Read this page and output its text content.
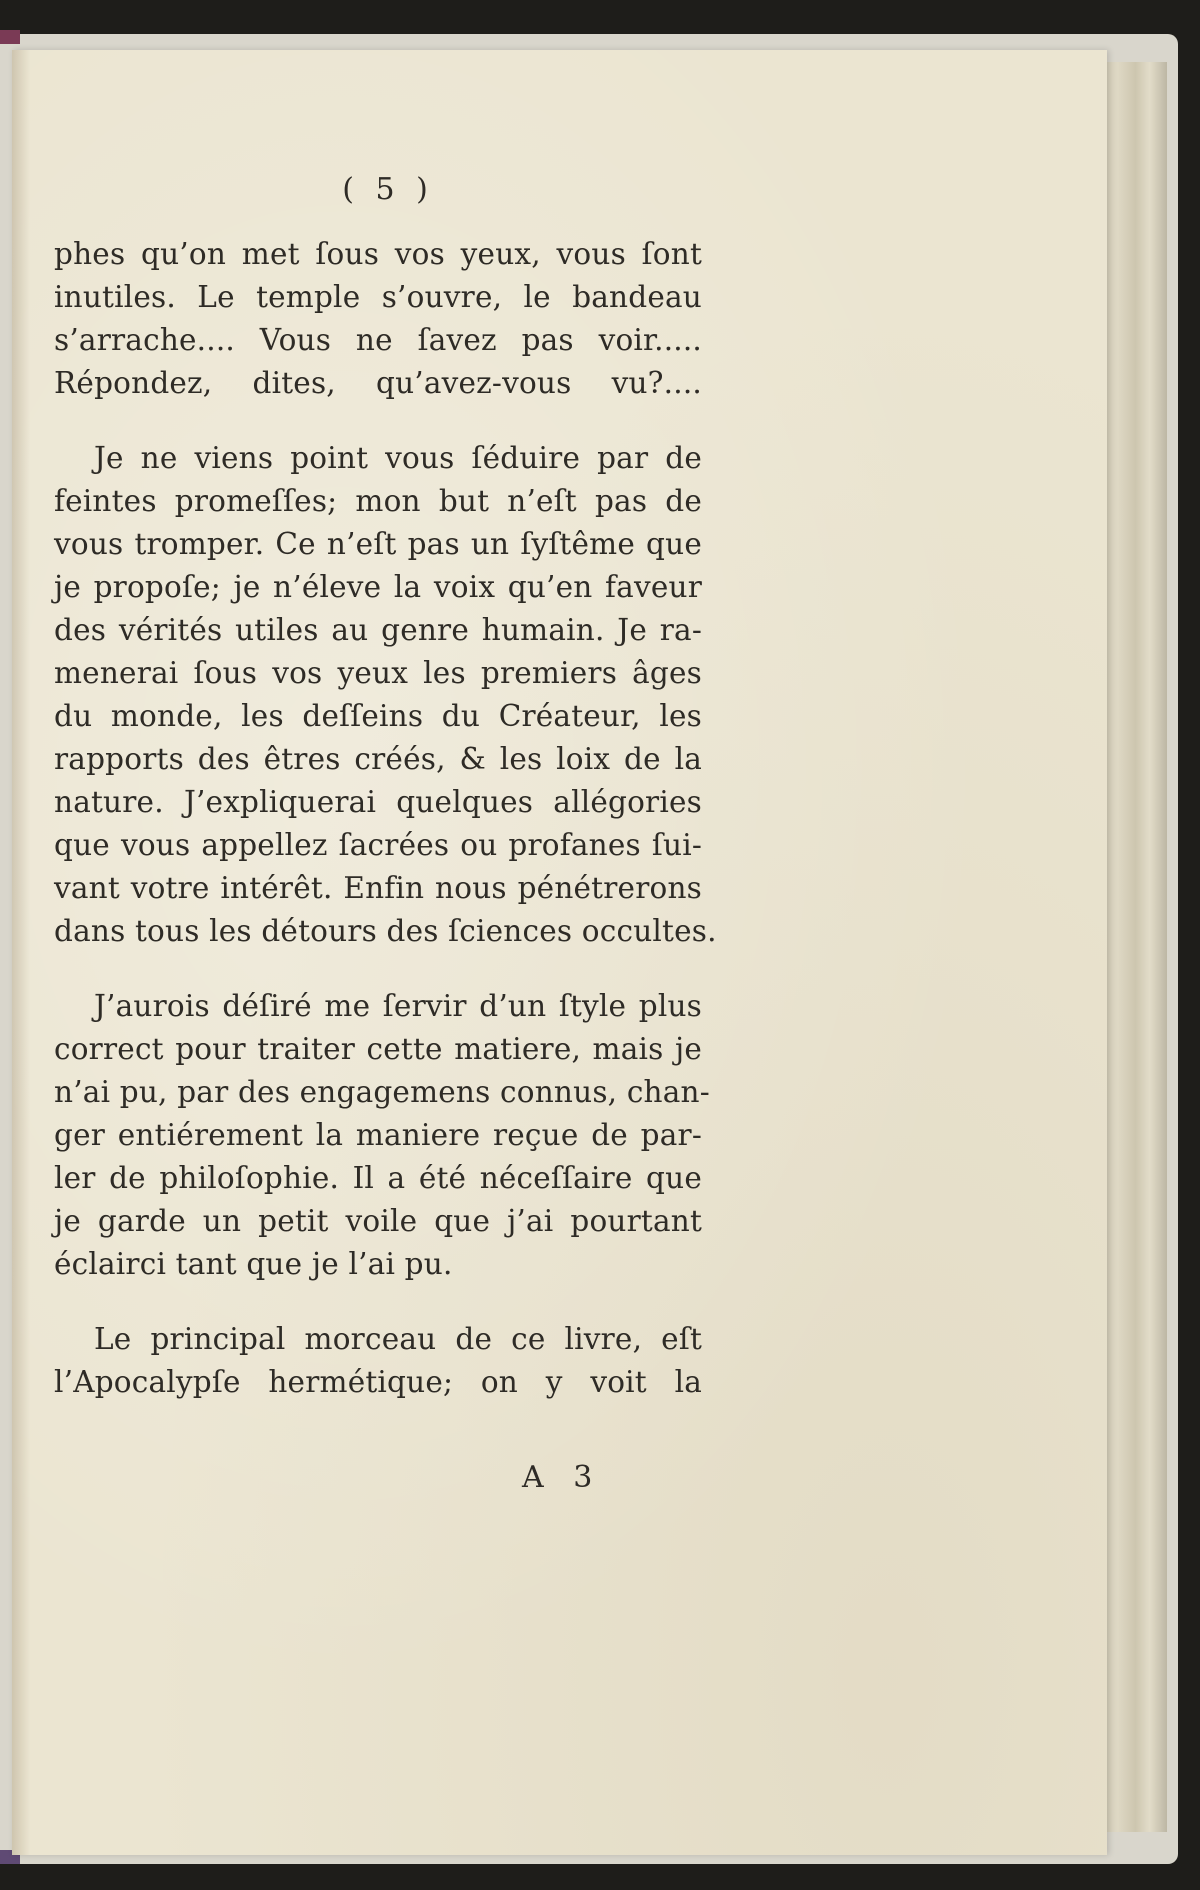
( 5 )
phes qu’on met ſous vos yeux, vous ſont
inutiles. Le temple s’ouvre, le bandeau
s’arrache.... Vous ne ſavez pas voir.....
Répondez, dites, qu’avez-vous vu?....
Je ne viens point vous ſéduire par de
feintes promeſſes; mon but n’eſt pas de
vous tromper. Ce n’eſt pas un ſyſtême que
je propoſe; je n’éleve la voix qu’en faveur
des vérités utiles au genre humain. Je ra-
menerai ſous vos yeux les premiers âges
du monde, les deſſeins du Créateur, les
rapports des êtres créés, & les loix de la
nature. J’expliquerai quelques allégories
que vous appellez ſacrées ou profanes ſui-
vant votre intérêt. Enfin nous pénétrerons
dans tous les détours des ſciences occultes.
J’aurois déſiré me ſervir d’un ſtyle plus
correct pour traiter cette matiere, mais je
n’ai pu, par des engagemens connus, chan-
ger entiérement la maniere reçue de par-
ler de philoſophie. Il a été néceſſaire que
je garde un petit voile que j’ai pourtant
éclairci tant que je l’ai pu.
Le principal morceau de ce livre, eſt
l’Apocalypſe hermétique; on y voit la
A 3
